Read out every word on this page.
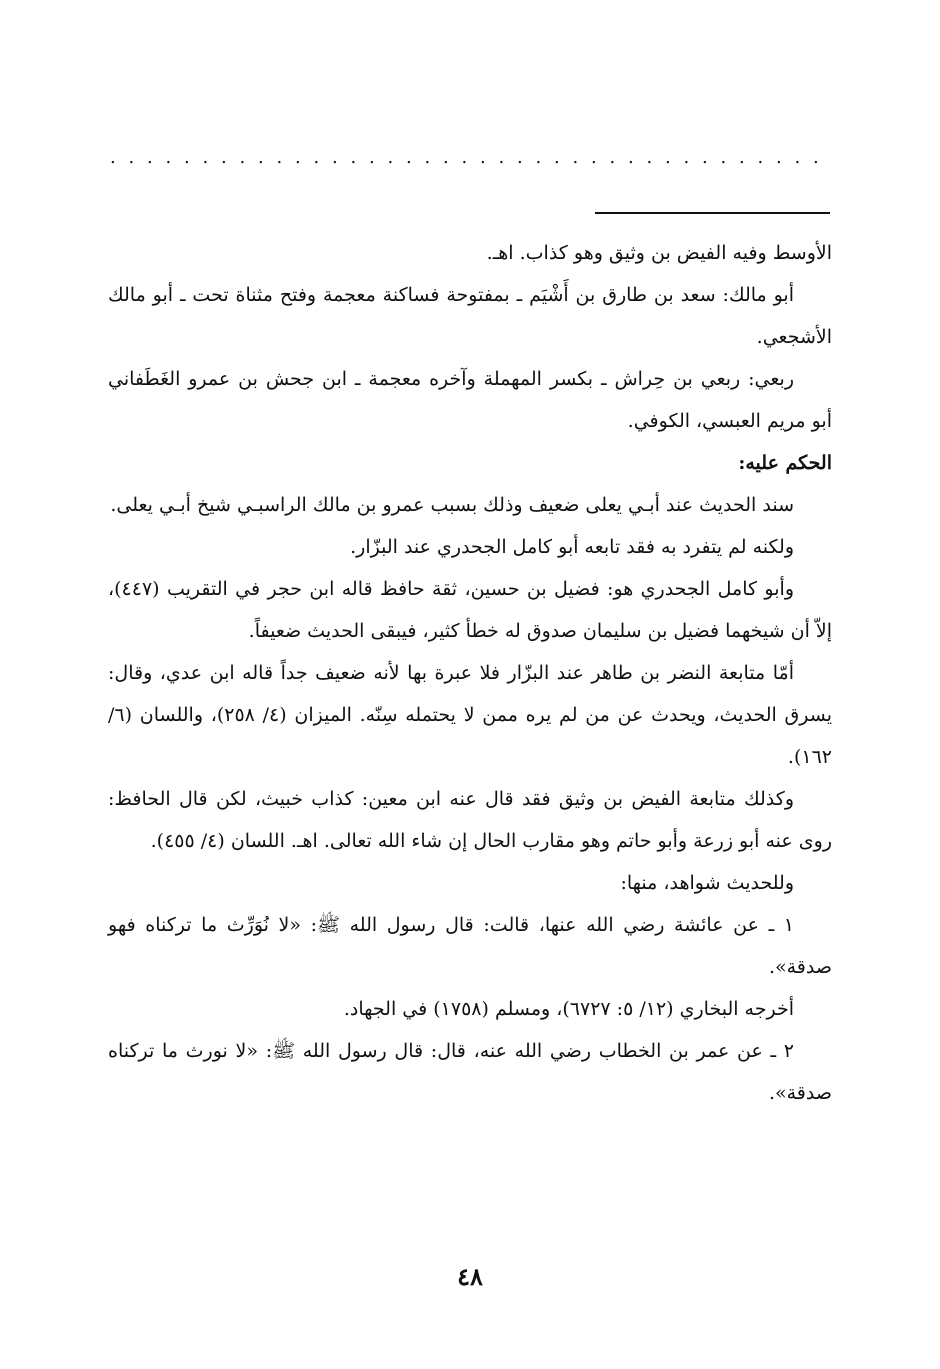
. . . . . . . . . . . . . . . . . . . . . . . . . . . . . . . . . . . . . . .

الأوسط وفيه الفيض بن وثيق وهو كذاب. اهـ.

أبو مالك: سعد بن طارق بن أَشْيَم ـ بمفتوحة فساكنة معجمة وفتح مثناة تحت ـ أبو مالك الأشجعي.

ربعي: ربعي بن حِراش ـ بكسر المهملة وآخره معجمة ـ ابن جحش بن عمرو الغَطَفاني أبو مريم العبسي، الكوفي.

الحكم عليه:

سند الحديث عند أبـي يعلى ضعيف وذلك بسبب عمرو بن مالك الراسبـي شيخ أبـي يعلى.

ولكنه لم يتفرد به فقد تابعه أبو كامل الجحدري عند البزّار.

وأبو كامل الجحدري هو: فضيل بن حسين، ثقة حافظ قاله ابن حجر في التقريب (٤٤٧)، إلاّ أن شيخهما فضيل بن سليمان صدوق له خطأ كثير، فيبقى الحديث ضعيفاً.

أمّا متابعة النضر بن طاهر عند البزّار فلا عبرة بها لأنه ضعيف جداً قاله ابن عدي، وقال: يسرق الحديث، ويحدث عن من لم يره ممن لا يحتمله سِنّه. الميزان (٤/ ٢٥٨)، واللسان (٦/ ١٦٢).

وكذلك متابعة الفيض بن وثيق فقد قال عنه ابن معين: كذاب خبيث، لكن قال الحافظ: روى عنه أبو زرعة وأبو حاتم وهو مقارب الحال إن شاء الله تعالى. اهـ. اللسان (٤/ ٤٥٥).

وللحديث شواهد، منها:

١ ـ عن عائشة رضي الله عنها، قالت: قال رسول الله ﷺ: «لا نُوَرِّث ما تركناه فهو صدقة».

أخرجه البخاري (١٢/ ٥: ٦٧٢٧)، ومسلم (١٧٥٨) في الجهاد.

٢ ـ عن عمر بن الخطاب رضي الله عنه، قال: قال رسول الله ﷺ: «لا نورث ما تركناه صدقة».

٤٨
